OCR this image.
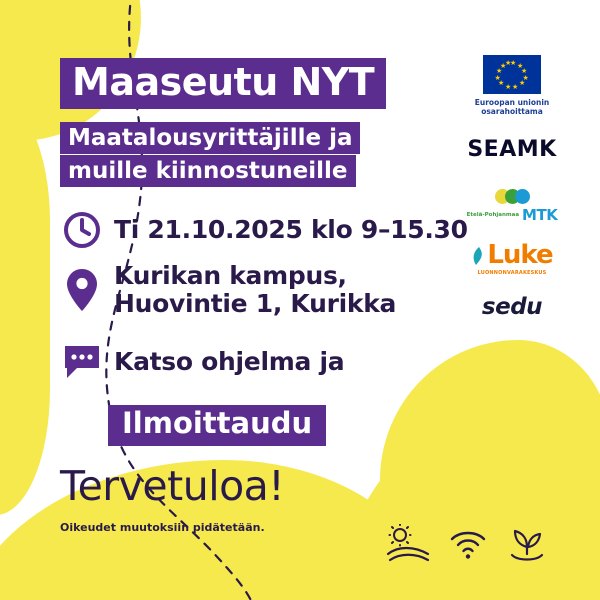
Maaseutu NYT
Maatalousyrittäjille ja
muille kiinnostuneille
Ti 21.10.2025 klo 9–15.30
Kurikan kampus,
Huovintie 1, Kurikka
Katso ohjelma ja
Ilmoittaudu
Tervetuloa!
Oikeudet muutoksiin pidätetään.
★ ★
★
★
★
★
★
★
★
★
★
★
Euroopan unionin
osarahoittama
SEAMK
Etelä-Pohjanmaa MTK
Luke
LUONNONVARAKESKUS
sedu
